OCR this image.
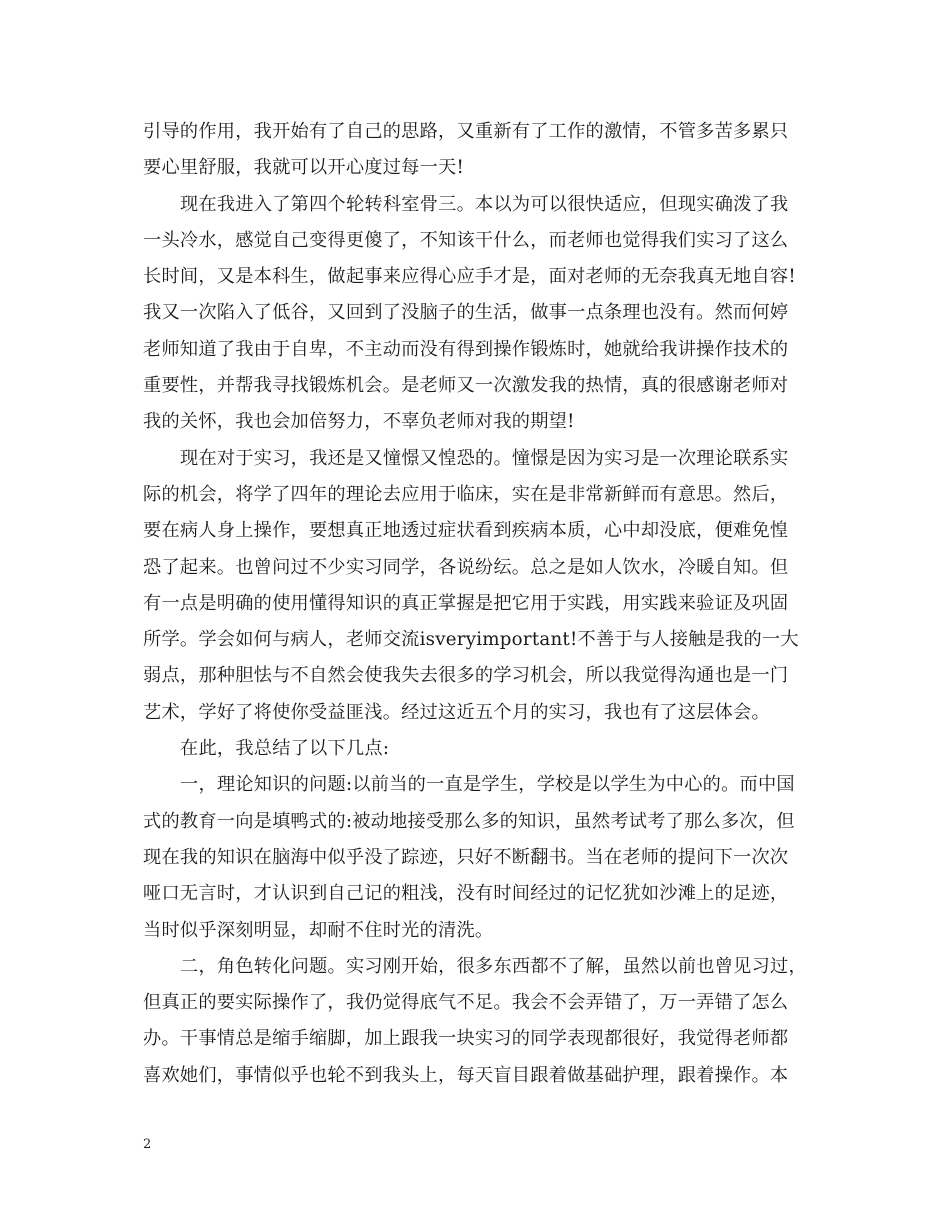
引导的作用，我开始有了自己的思路，又重新有了工作的激情，不管多苦多累只
要心里舒服，我就可以开心度过每一天!
现在我进入了第四个轮转科室骨三。本以为可以很快适应，但现实确泼了我
一头冷水，感觉自己变得更傻了，不知该干什么，而老师也觉得我们实习了这么
长时间，又是本科生，做起事来应得心应手才是，面对老师的无奈我真无地自容!
我又一次陷入了低谷，又回到了没脑子的生活，做事一点条理也没有。然而何婷
老师知道了我由于自卑，不主动而没有得到操作锻炼时，她就给我讲操作技术的
重要性，并帮我寻找锻炼机会。是老师又一次激发我的热情，真的很感谢老师对
我的关怀，我也会加倍努力，不辜负老师对我的期望!
现在对于实习，我还是又憧憬又惶恐的。憧憬是因为实习是一次理论联系实
际的机会，将学了四年的理论去应用于临床，实在是非常新鲜而有意思。然后，
要在病人身上操作，要想真正地透过症状看到疾病本质，心中却没底，便难免惶
恐了起来。也曾问过不少实习同学，各说纷纭。总之是如人饮水，冷暖自知。但
有一点是明确的使用懂得知识的真正掌握是把它用于实践，用实践来验证及巩固
所学。学会如何与病人，老师交流isveryimportant!不善于与人接触是我的一大
弱点，那种胆怯与不自然会使我失去很多的学习机会，所以我觉得沟通也是一门
艺术，学好了将使你受益匪浅。经过这近五个月的实习，我也有了这层体会。
在此，我总结了以下几点:
一，理论知识的问题:以前当的一直是学生，学校是以学生为中心的。而中国
式的教育一向是填鸭式的:被动地接受那么多的知识，虽然考试考了那么多次，但
现在我的知识在脑海中似乎没了踪迹，只好不断翻书。当在老师的提问下一次次
哑口无言时，才认识到自己记的粗浅，没有时间经过的记忆犹如沙滩上的足迹，
当时似乎深刻明显，却耐不住时光的清洗。
二，角色转化问题。实习刚开始，很多东西都不了解，虽然以前也曾见习过，
但真正的要实际操作了，我仍觉得底气不足。我会不会弄错了，万一弄错了怎么
办。干事情总是缩手缩脚，加上跟我一块实习的同学表现都很好，我觉得老师都
喜欢她们，事情似乎也轮不到我头上，每天盲目跟着做基础护理，跟着操作。本
2
